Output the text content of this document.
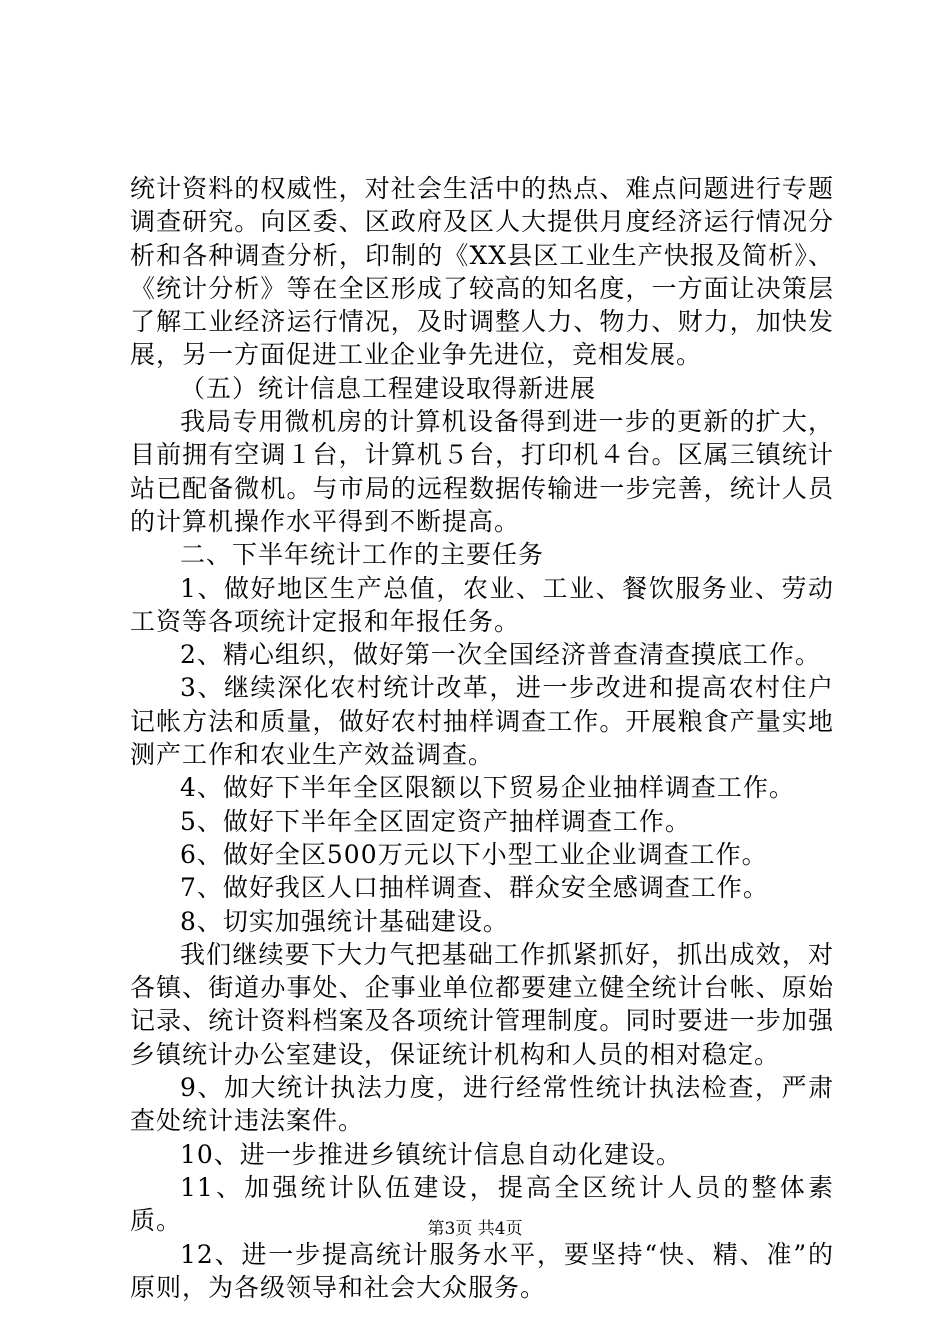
统计资料的权威性，对社会生活中的热点、难点问题进行专题调查研究。向区委、区政府及区人大提供月度经济运行情况分析和各种调查分析，印制的《XX县区工业生产快报及简析》、《统计分析》等在全区形成了较高的知名度，一方面让决策层了解工业经济运行情况，及时调整人力、物力、财力，加快发展，另一方面促进工业企业争先进位，竞相发展。

（五）统计信息工程建设取得新进展

我局专用微机房的计算机设备得到进一步的更新的扩大，目前拥有空调１台，计算机５台，打印机４台。区属三镇统计站已配备微机。与市局的远程数据传输进一步完善，统计人员的计算机操作水平得到不断提高。

二、下半年统计工作的主要任务

1、做好地区生产总值，农业、工业、餐饮服务业、劳动工资等各项统计定报和年报任务。

2、精心组织，做好第一次全国经济普查清查摸底工作。

3、继续深化农村统计改革，进一步改进和提高农村住户记帐方法和质量，做好农村抽样调查工作。开展粮食产量实地测产工作和农业生产效益调查。

4、做好下半年全区限额以下贸易企业抽样调查工作。

5、做好下半年全区固定资产抽样调查工作。

6、做好全区500万元以下小型工业企业调查工作。

7、做好我区人口抽样调查、群众安全感调查工作。

8、切实加强统计基础建设。

我们继续要下大力气把基础工作抓紧抓好，抓出成效，对各镇、街道办事处、企事业单位都要建立健全统计台帐、原始记录、统计资料档案及各项统计管理制度。同时要进一步加强乡镇统计办公室建设，保证统计机构和人员的相对稳定。

9、加大统计执法力度，进行经常性统计执法检查，严肃查处统计违法案件。

10、进一步推进乡镇统计信息自动化建设。

11、加强统计队伍建设，提高全区统计人员的整体素质。

12、进一步提高统计服务水平，要坚持“快、精、准”的原则，为各级领导和社会大众服务。

第3页 共4页
